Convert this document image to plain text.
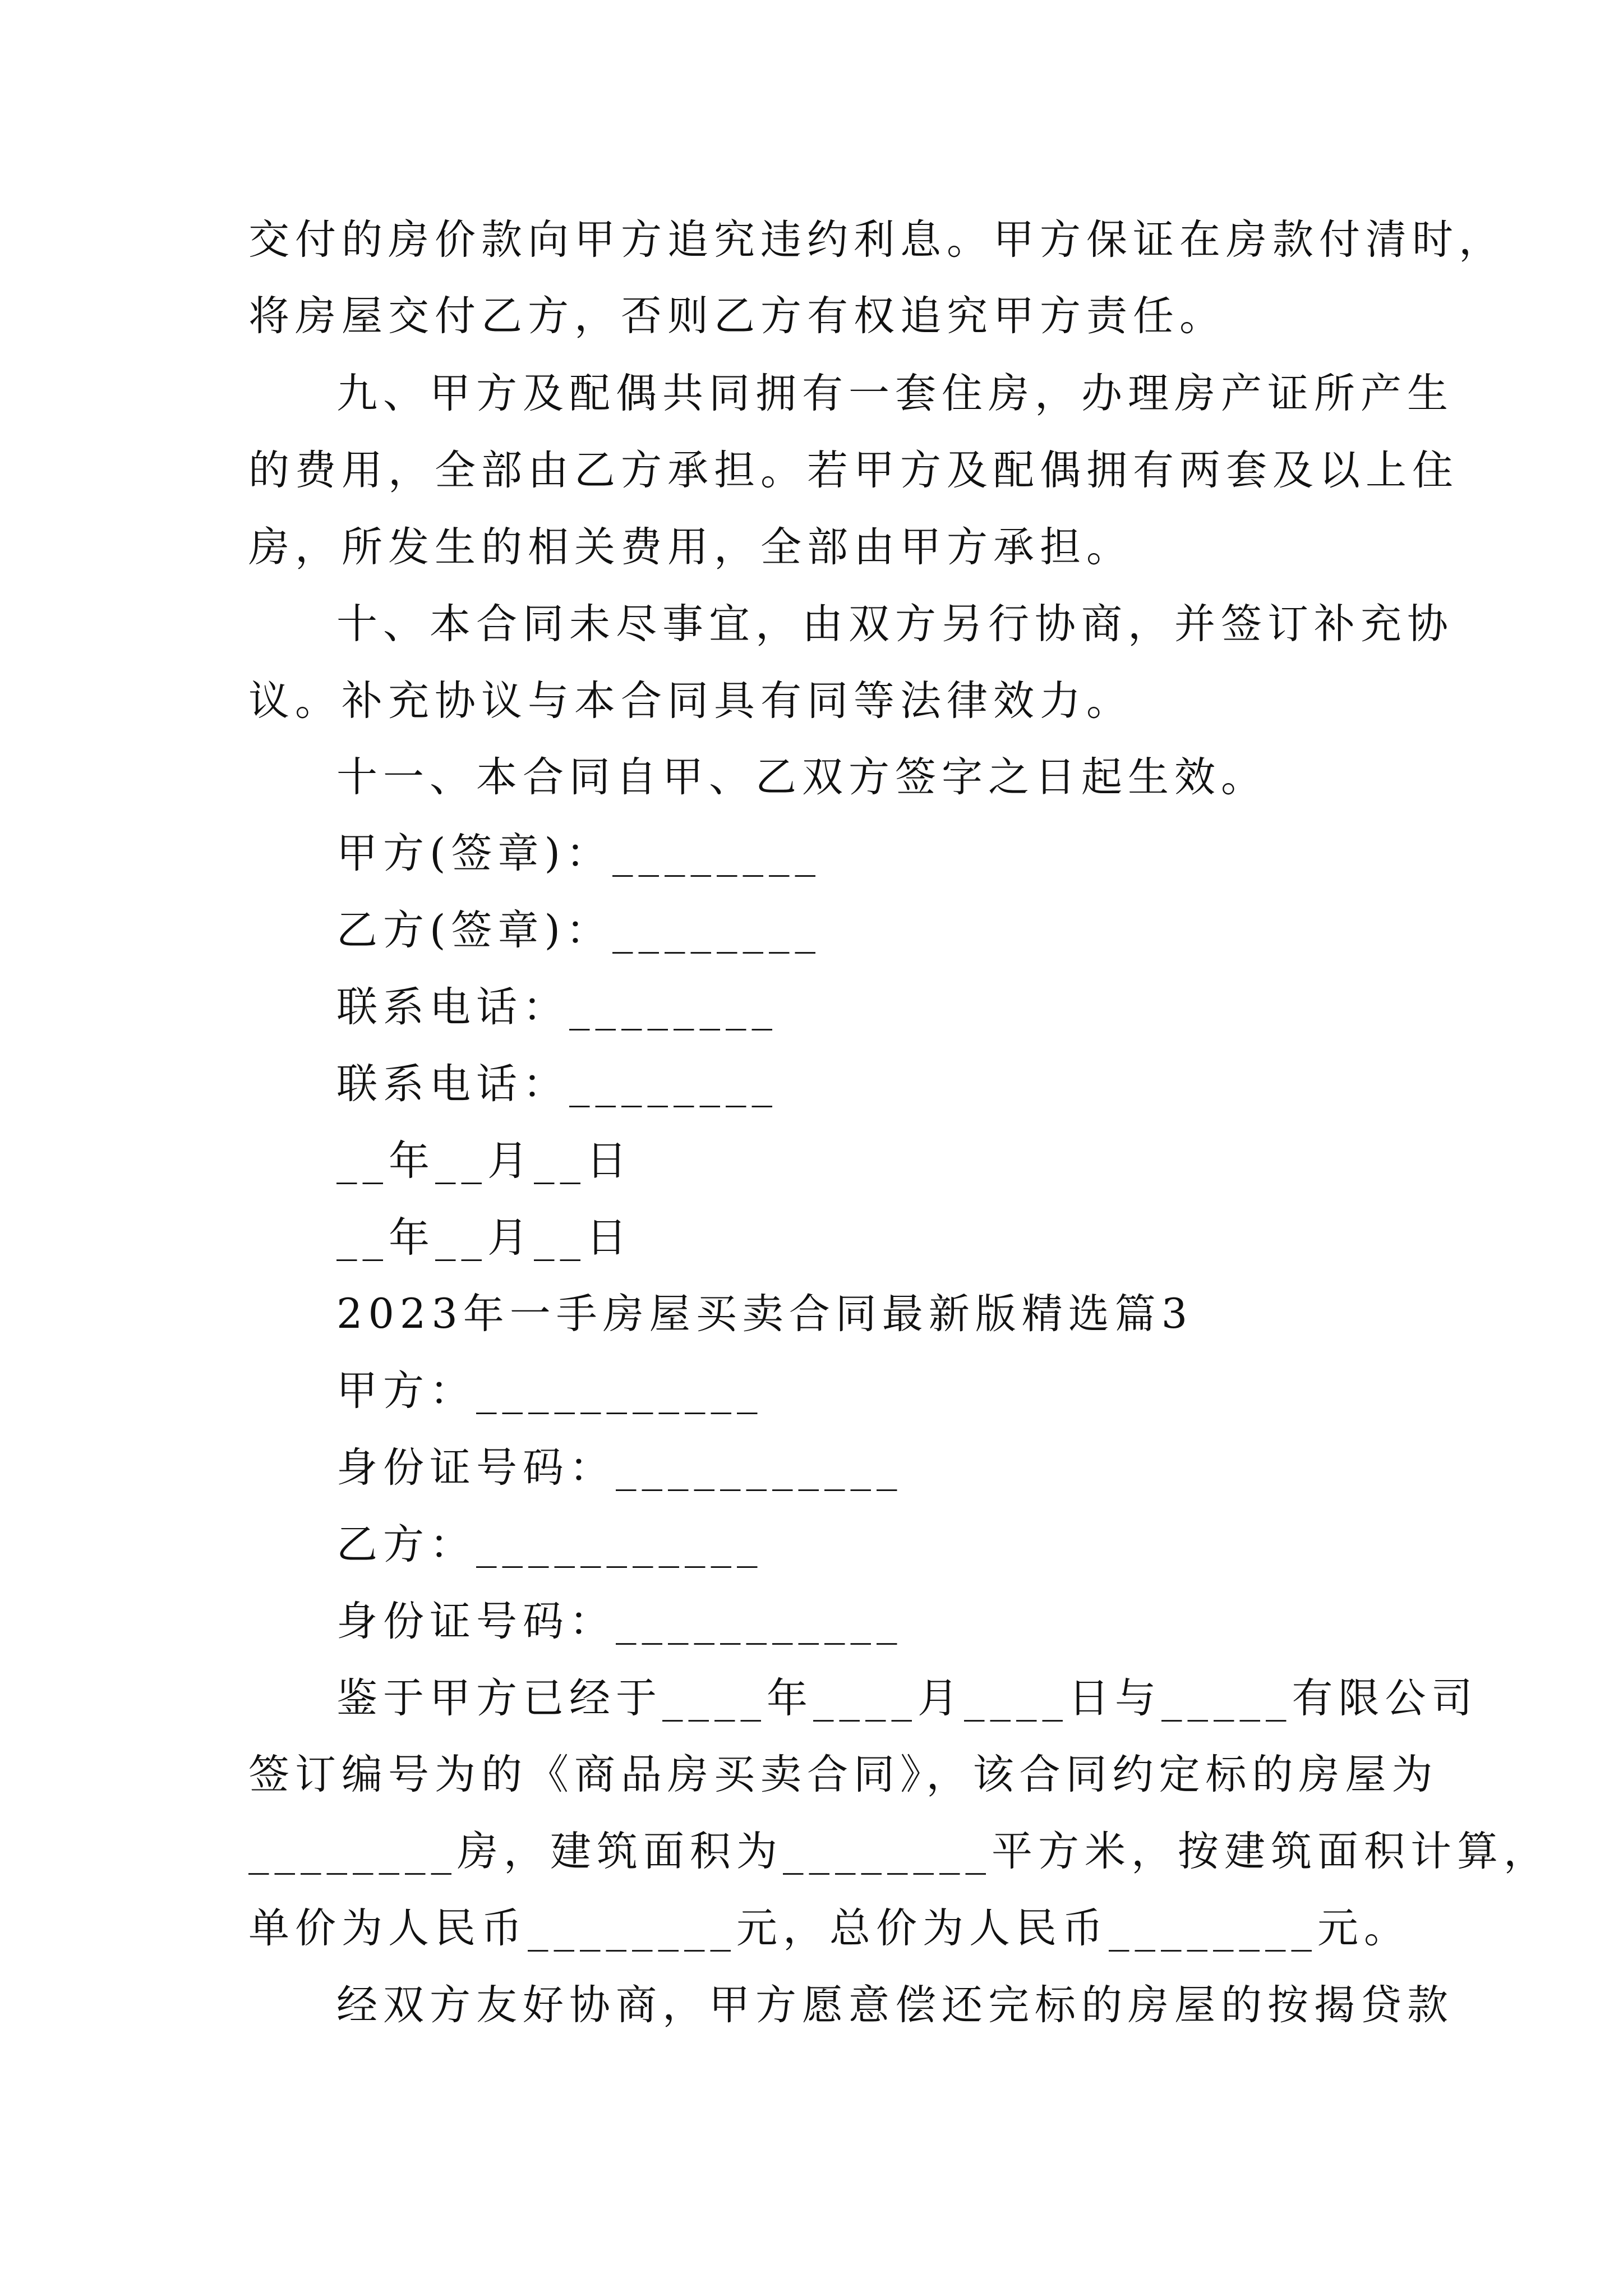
交付的房价款向甲方追究违约利息。甲方保证在房款付清时，
将房屋交付乙方，否则乙方有权追究甲方责任。
九、甲方及配偶共同拥有一套住房，办理房产证所产生
的费用，全部由乙方承担。若甲方及配偶拥有两套及以上住
房，所发生的相关费用，全部由甲方承担。
十、本合同未尽事宜，由双方另行协商，并签订补充协
议。补充协议与本合同具有同等法律效力。
十一、本合同自甲、乙双方签字之日起生效。
甲方(签章)：________
乙方(签章)：________
联系电话：________
联系电话：________
__年__月__日
__年__月__日
2023年一手房屋买卖合同最新版精选篇3
甲方：___________
身份证号码：___________
乙方：___________
身份证号码：___________
鉴于甲方已经于____年____月____日与_____有限公司
签订编号为的《商品房买卖合同》，该合同约定标的房屋为
________房，建筑面积为________平方米，按建筑面积计算，
单价为人民币________元，总价为人民币________元。
经双方友好协商，甲方愿意偿还完标的房屋的按揭贷款
